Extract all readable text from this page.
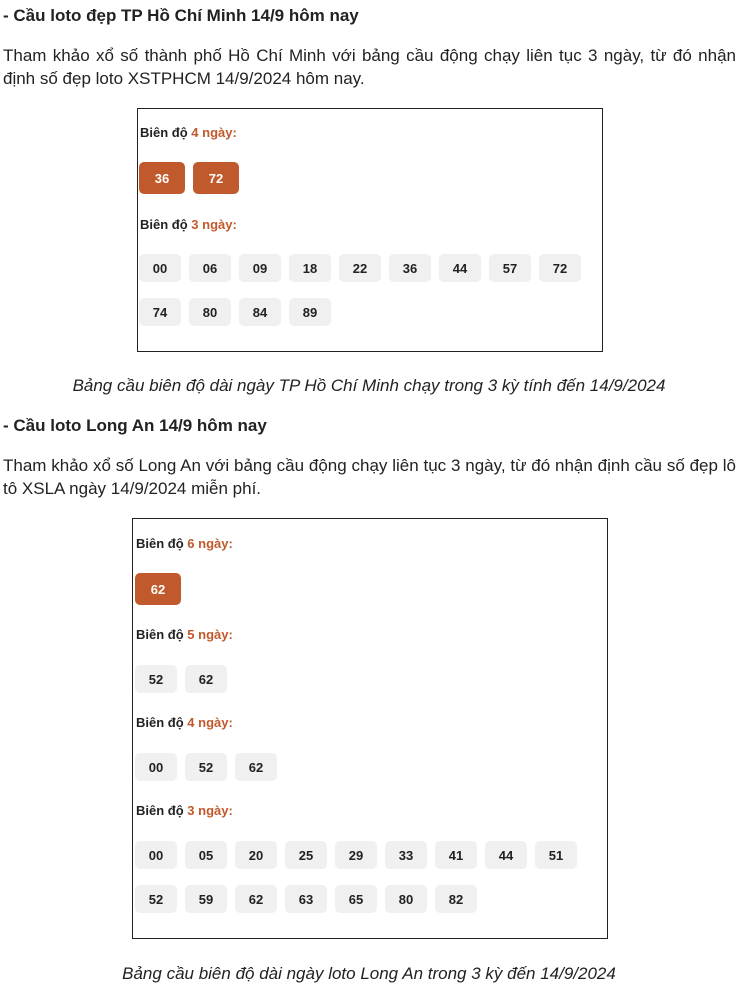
- Cầu loto đẹp TP Hồ Chí Minh 14/9 hôm nay
Tham khảo xổ số thành phố Hồ Chí Minh với bảng cầu động chạy liên tục 3 ngày, từ đó nhận định số đẹp loto XSTPHCM 14/9/2024 hôm nay.
Biên độ 4 ngày:
36	72
Biên độ 3 ngày:
00	06	09	18	22	36	44	57	72
74	80	84	89
Bảng cầu biên độ dài ngày TP Hồ Chí Minh chạy trong 3 kỳ tính đến 14/9/2024
- Cầu loto Long An 14/9 hôm nay
Tham khảo xổ số Long An với bảng cầu động chạy liên tục 3 ngày, từ đó nhận định cầu số đẹp lô tô XSLA ngày 14/9/2024 miễn phí.
Biên độ 6 ngày:
62
Biên độ 5 ngày:
52	62
Biên độ 4 ngày:
00	52	62
Biên độ 3 ngày:
00	05	20	25	29	33	41	44	51
52	59	62	63	65	80	82
Bảng cầu biên độ dài ngày loto Long An trong 3 kỳ đến 14/9/2024
